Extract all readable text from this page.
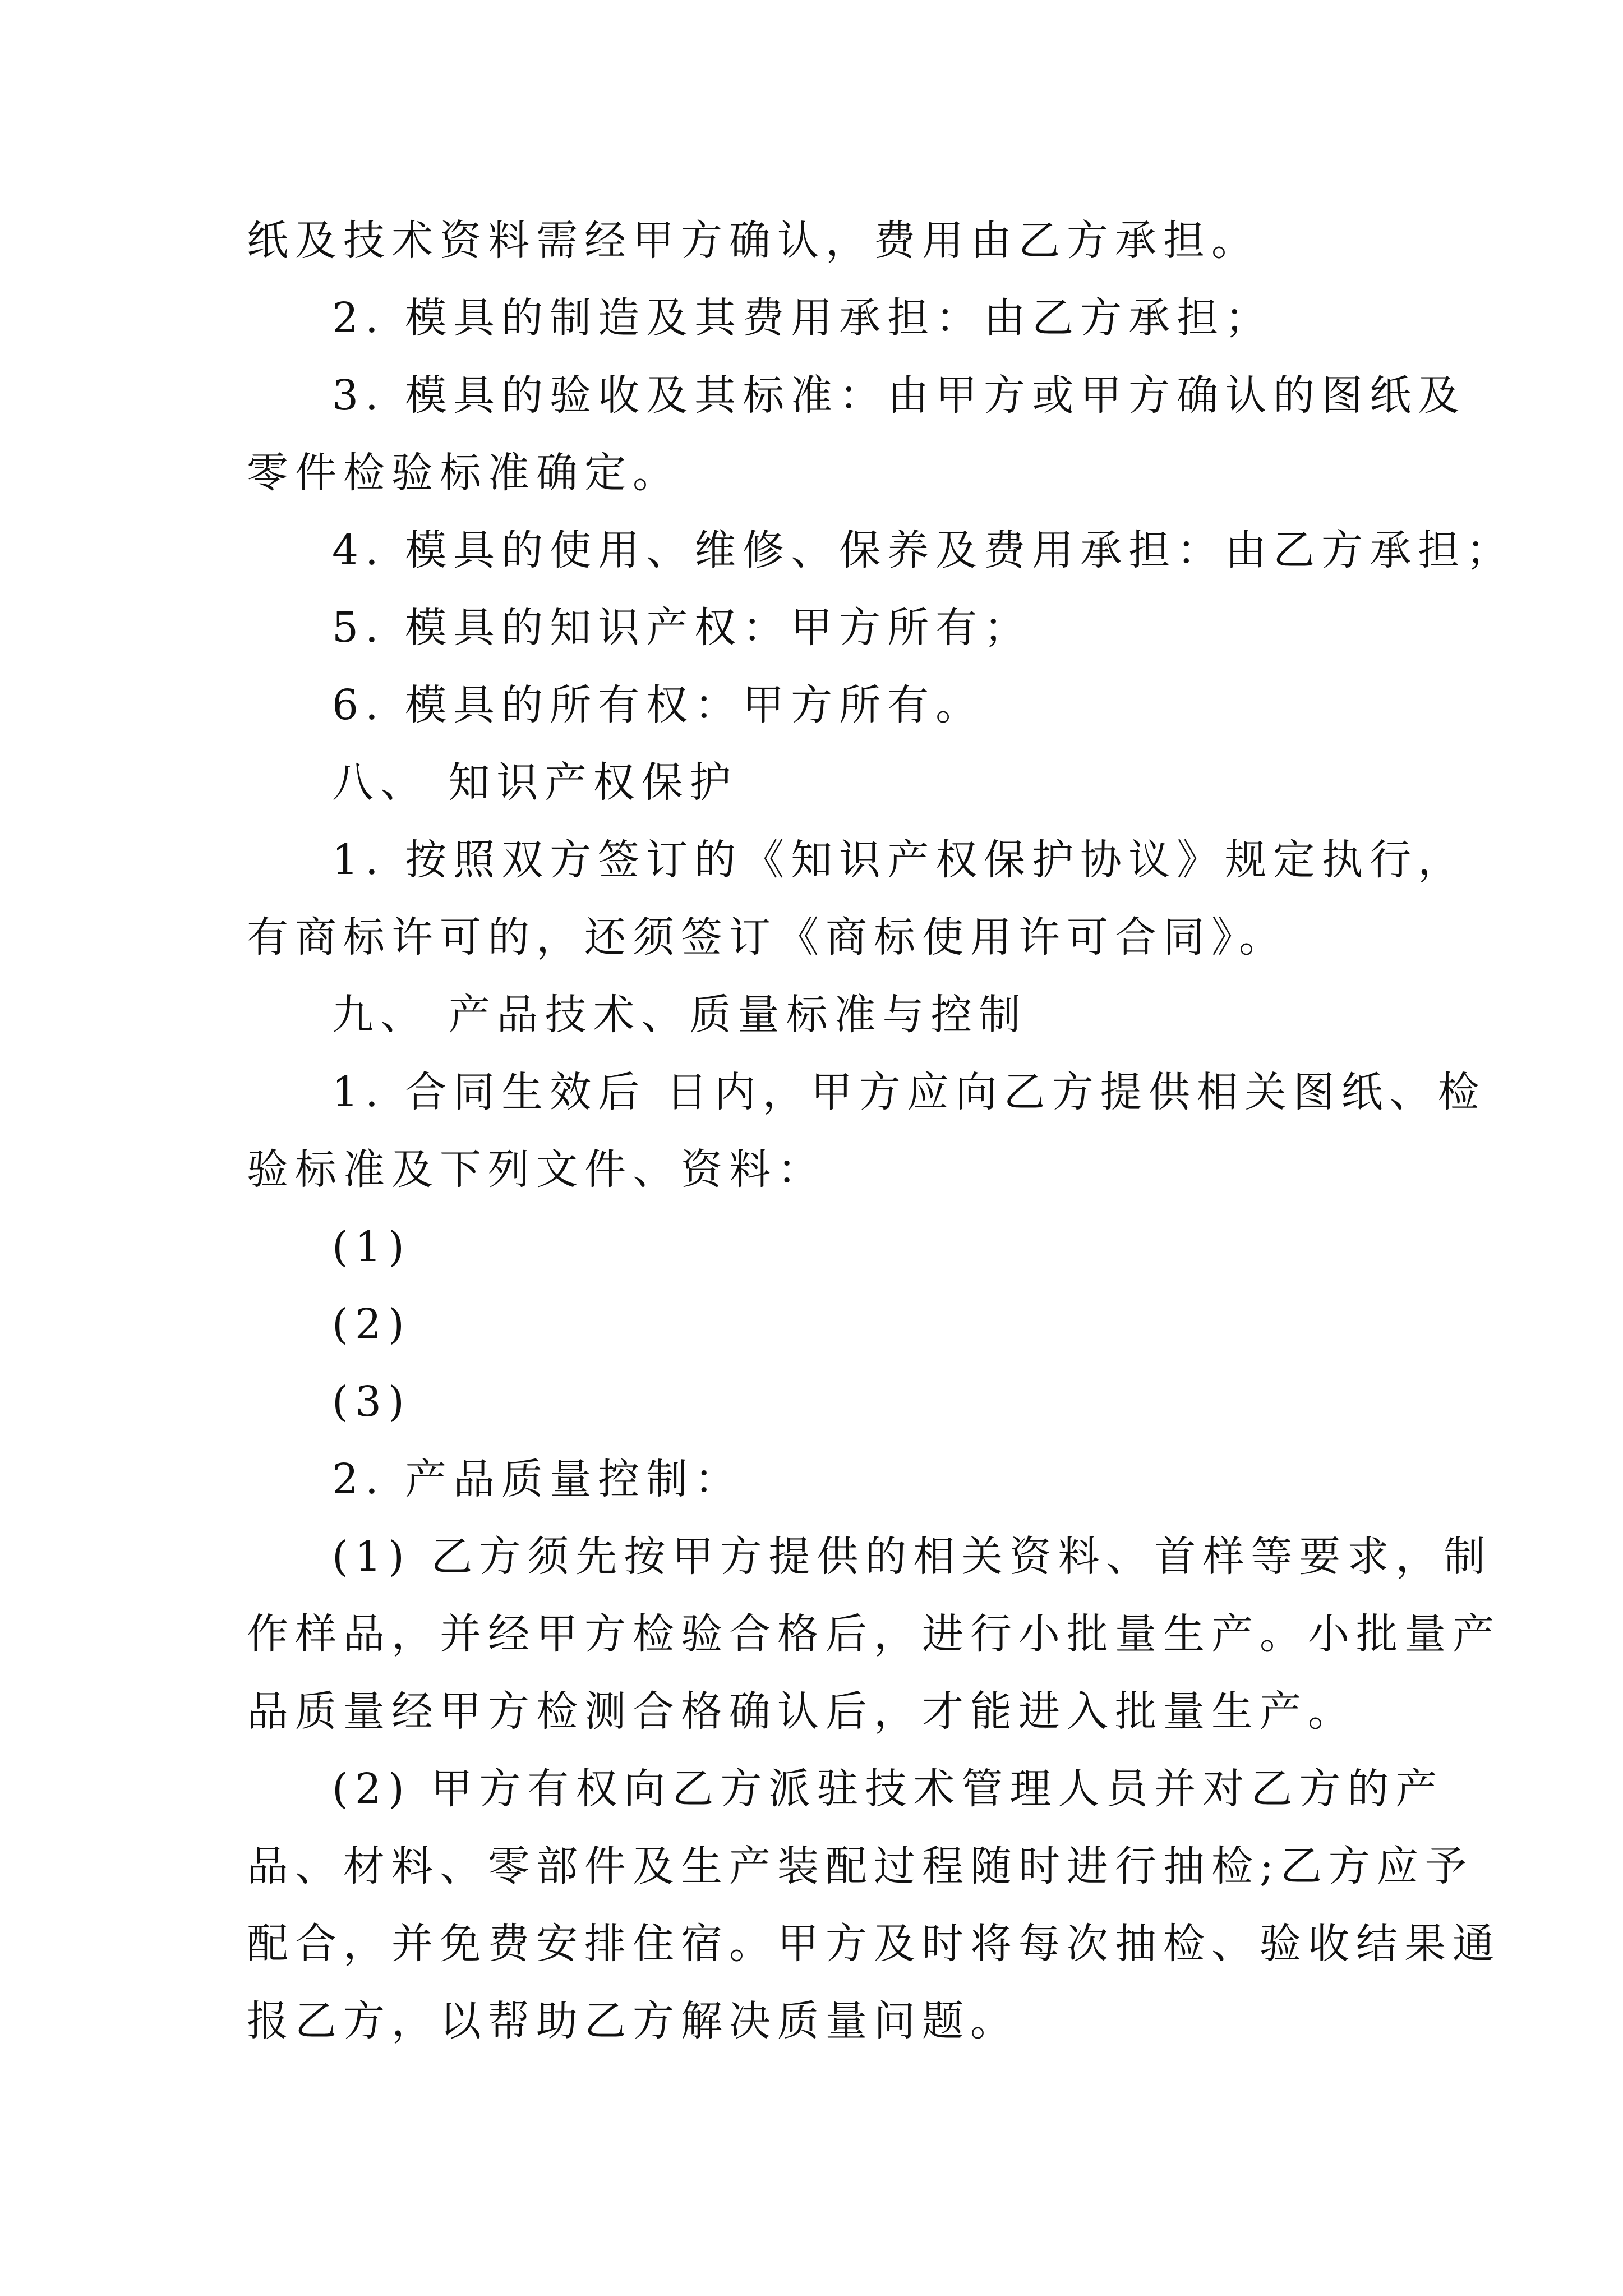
纸及技术资料需经甲方确认，费用由乙方承担。
2. 模具的制造及其费用承担：由乙方承担；
3. 模具的验收及其标准：由甲方或甲方确认的图纸及
零件检验标准确定。
4. 模具的使用、维修、保养及费用承担：由乙方承担；
5. 模具的知识产权：甲方所有；
6. 模具的所有权：甲方所有。
八、 知识产权保护
1. 按照双方签订的《知识产权保护协议》规定执行，
有商标许可的，还须签订《商标使用许可合同》。
九、 产品技术、质量标准与控制
1. 合同生效后 日内，甲方应向乙方提供相关图纸、检
验标准及下列文件、资料：
(1)
(2)
(3)
2. 产品质量控制：
(1) 乙方须先按甲方提供的相关资料、首样等要求，制
作样品，并经甲方检验合格后，进行小批量生产。小批量产
品质量经甲方检测合格确认后，才能进入批量生产。
(2) 甲方有权向乙方派驻技术管理人员并对乙方的产
品、材料、零部件及生产装配过程随时进行抽检;乙方应予
配合，并免费安排住宿。甲方及时将每次抽检、验收结果通
报乙方，以帮助乙方解决质量问题。
